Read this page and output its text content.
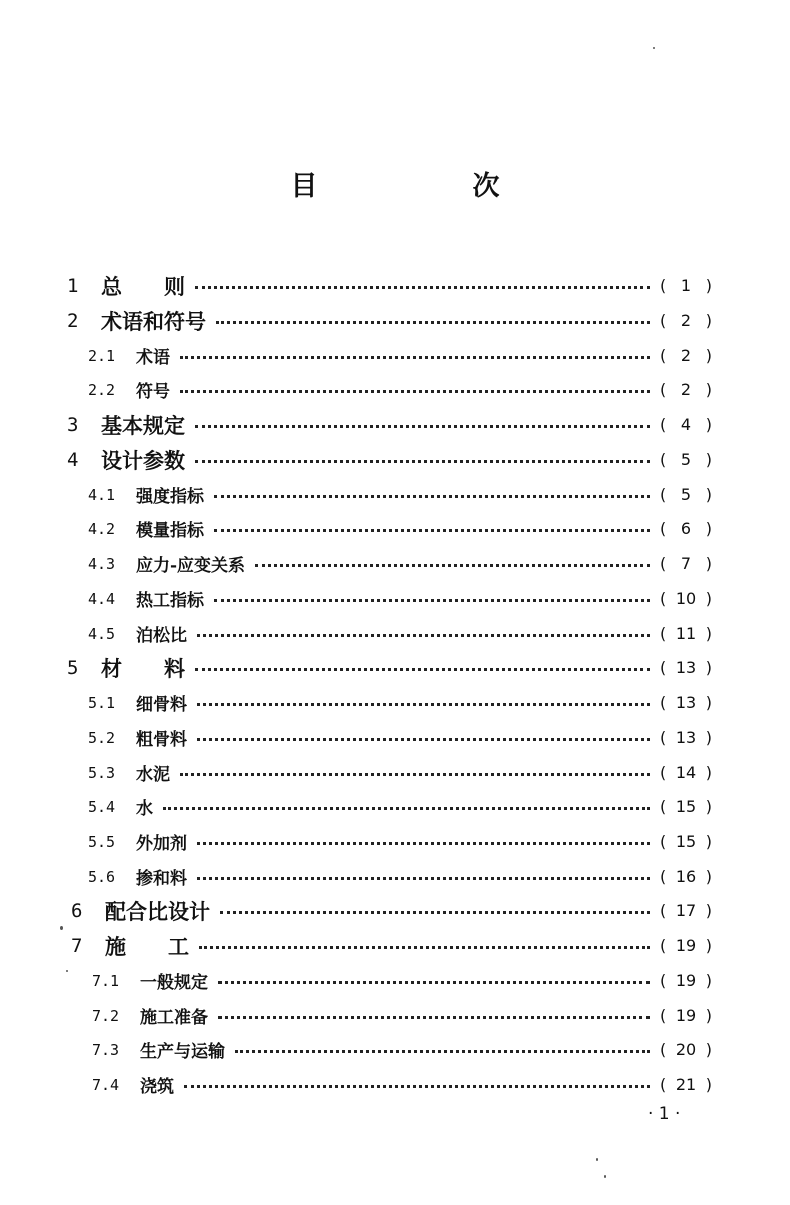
目　次
1	总　　则	( 1 )
2	术语和符号	( 2 )
2.1	术语	( 2 )
2.2	符号	( 2 )
3	基本规定	( 4 )
4	设计参数	( 5 )
4.1	强度指标	( 5 )
4.2	模量指标	( 6 )
4.3	应力-应变关系	( 7 )
4.4	热工指标	( 10 )
4.5	泊松比	( 11 )
5	材　　料	( 13 )
5.1	细骨料	( 13 )
5.2	粗骨料	( 13 )
5.3	水泥	( 14 )
5.4	水	( 15 )
5.5	外加剂	( 15 )
5.6	掺和料	( 16 )
6	配合比设计	( 17 )
7	施　　工	( 19 )
7.1	一般规定	( 19 )
7.2	施工准备	( 19 )
7.3	生产与运输	( 20 )
7.4	浇筑	( 21 )
· 1 ·
